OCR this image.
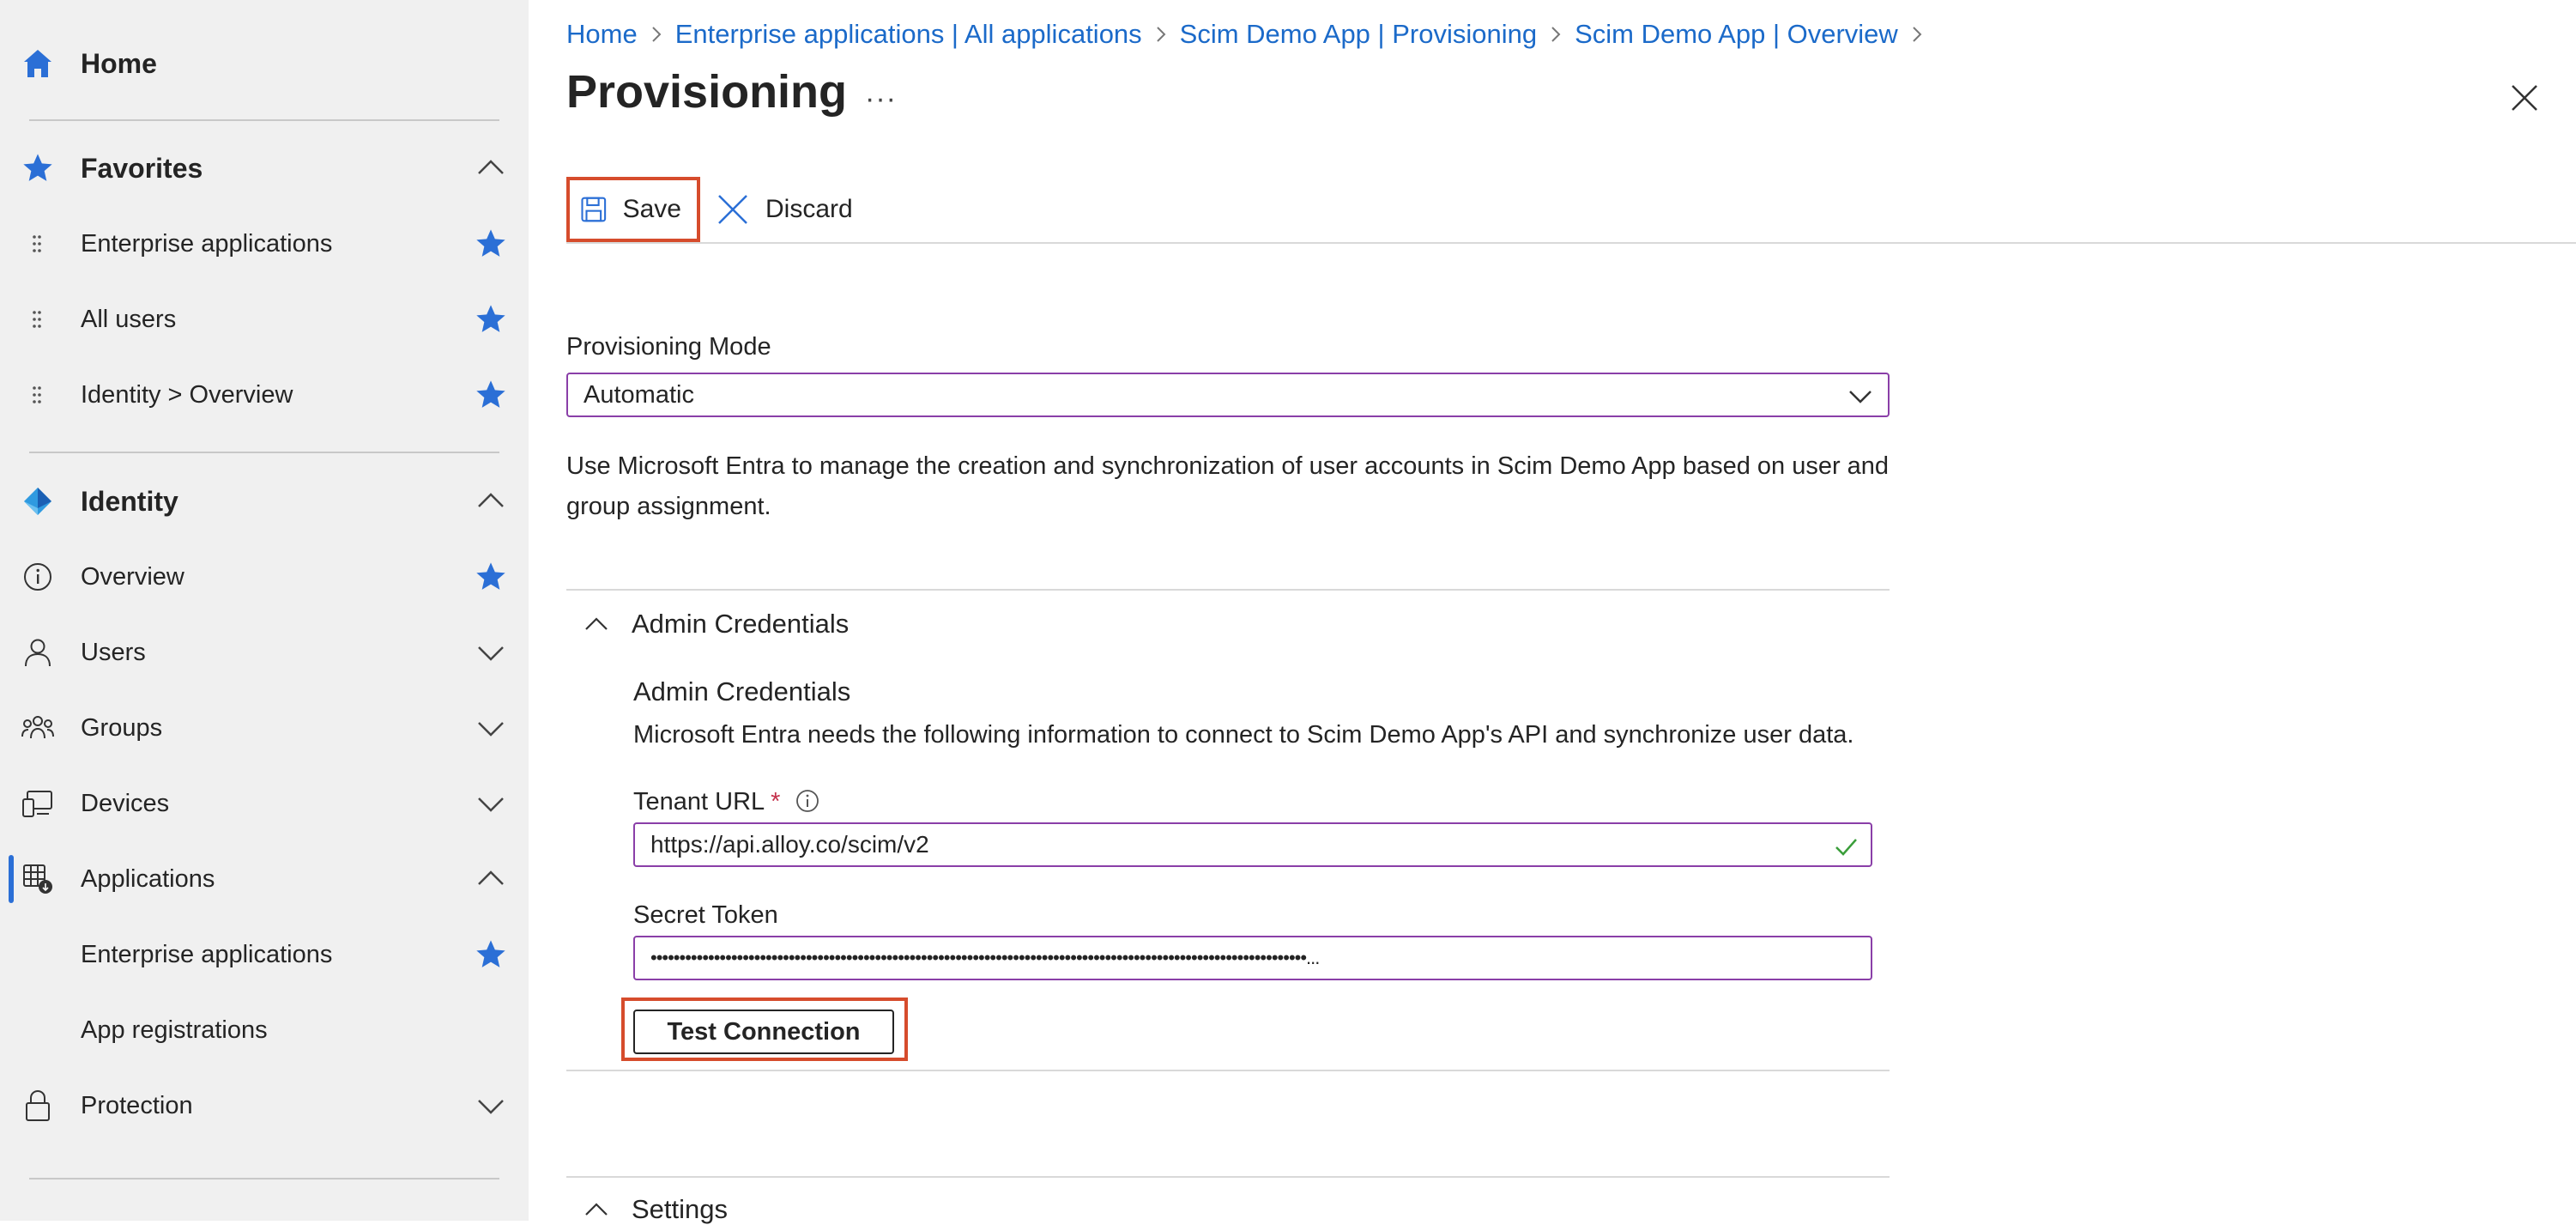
Home
Favorites
Enterprise applications
All users
Identity > Overview
Identity
Overview
Users
Groups
Devices
Applications
Enterprise applications
App registrations
Protection
Home Enterprise applications | All applications Scim Demo App | Provisioning Scim Demo App | Overview
Provisioning ···
Save	Discard
Provisioning Mode
Automatic
Use Microsoft Entra to manage the creation and synchronization of user accounts in Scim Demo App based on user and group assignment.
Admin Credentials
Admin Credentials
Microsoft Entra needs the following information to connect to Scim Demo App's API and synchronize user data.
Tenant URL *
https://api.alloy.co/scim/v2
Secret Token
••••••••••••••••••••••••••••••••••••••••••••••••••••••••••••••••••••••••••••••••••••••••••••••••••••••••••••••••••...
Test Connection
Settings
